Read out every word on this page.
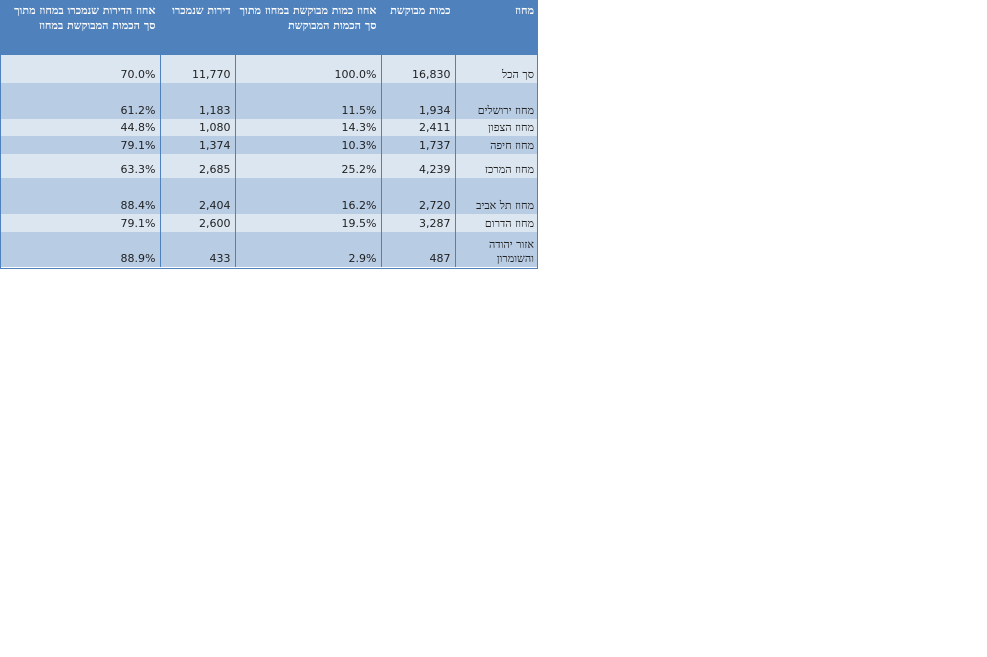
אחוז הדירות שנמכרו במחוז מתוך סך הכמות המבוקשת במחוז	דירות שנמכרו	אחוז כמות מבוקשת במחוז מתוך סך הכמות המבוקשת	כמות מבוקשת	מחוז
70.0%	11,770	100.0%	16,830	סך הכל
61.2%	1,183	11.5%	1,934	מחוז ירושלים
44.8%	1,080	14.3%	2,411	מחוז הצפון
79.1%	1,374	10.3%	1,737	מחוז חיפה
63.3%	2,685	25.2%	4,239	מחוז המרכז
88.4%	2,404	16.2%	2,720	מחוז תל אביב
79.1%	2,600	19.5%	3,287	מחוז הדרום
88.9%	433	2.9%	487	אזור יהודה והשומרון
